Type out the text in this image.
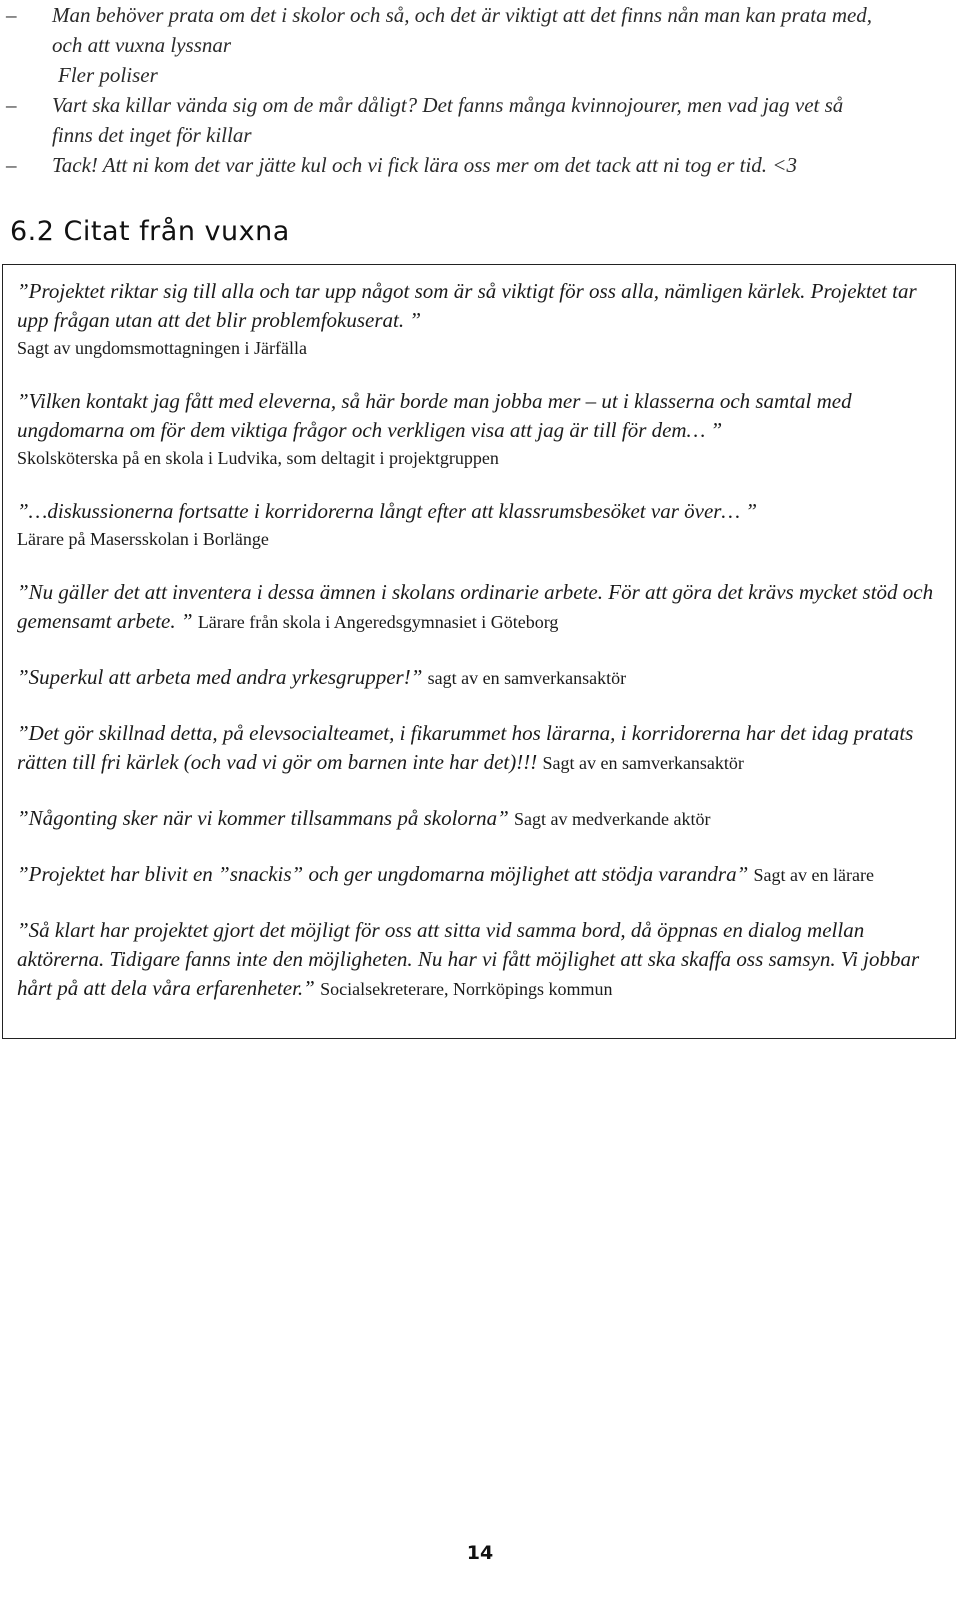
– Man behöver prata om det i skolor och så, och det är viktigt att det finns nån man kan prata med,
och att vuxna lyssnar

Fler poliser
– Vart ska killar vända sig om de mår dåligt? Det fanns många kvinnojourer, men vad jag vet så
finns det inget för killar
– Tack! Att ni kom det var jätte kul och vi fick lära oss mer om det tack att ni tog er tid. <3
6.2 Citat från vuxna

”Projektet riktar sig till alla och tar upp något som är så viktigt för oss alla, nämligen kärlek. Projektet tar upp frågan utan att det blir problemfokuserat. ”
Sagt av ungdomsmottagningen i Järfälla

”Vilken kontakt jag fått med eleverna, så här borde man jobba mer – ut i klasserna och samtal med ungdomarna om för dem viktiga frågor och verkligen visa att jag är till för dem… ”
Skolsköterska på en skola i Ludvika, som deltagit i projektgruppen

”…diskussionerna fortsatte i korridorerna långt efter att klassrumsbesöket var över… ”
Lärare på Masersskolan i Borlänge

”Nu gäller det att inventera i dessa ämnen i skolans ordinarie arbete. För att göra det krävs mycket stöd och gemensamt arbete. ” Lärare från skola i Angeredsgymnasiet i Göteborg

”Superkul att arbeta med andra yrkesgrupper!” sagt av en samverkansaktör

”Det gör skillnad detta, på elevsocialteamet, i fikarummet hos lärarna, i korridorerna har det idag pratats rätten till fri kärlek (och vad vi gör om barnen inte har det)!!! Sagt av en samverkansaktör

”Någonting sker när vi kommer tillsammans på skolorna” Sagt av medverkande aktör

”Projektet har blivit en ”snackis” och ger ungdomarna möjlighet att stödja varandra” Sagt av en lärare

”Så klart har projektet gjort det möjligt för oss att sitta vid samma bord, då öppnas en dialog mellan aktörerna. Tidigare fanns inte den möjligheten. Nu har vi fått möjlighet att ska skaffa oss samsyn. Vi jobbar hårt på att dela våra erfarenheter.” Socialsekreterare, Norrköpings kommun

14
